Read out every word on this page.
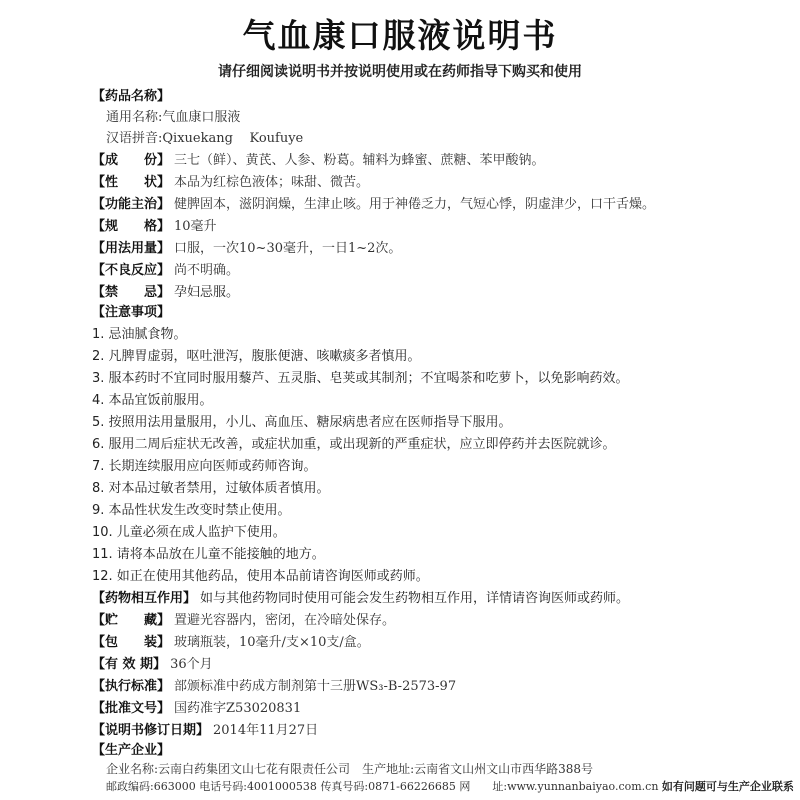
气血康口服液说明书
请仔细阅读说明书并按说明使用或在药师指导下购买和使用
【药品名称】
通用名称:气血康口服液
汉语拼音:Qixuekang    Koufuye
【成　　份】 三七（鲜）、黄芪、人参、粉葛。辅料为蜂蜜、蔗糖、苯甲酸钠。
【性　　状】 本品为红棕色液体；味甜、微苦。
【功能主治】 健脾固本，滋阴润燥，生津止咳。用于神倦乏力，气短心悸，阴虚津少，口干舌燥。
【规　　格】 10毫升
【用法用量】 口服，一次10~30毫升，一日1~2次。
【不良反应】 尚不明确。
【禁　　忌】 孕妇忌服。
【注意事项】
1. 忌油腻食物。
2. 凡脾胃虚弱，呕吐泄泻，腹胀便溏、咳嗽痰多者慎用。
3. 服本药时不宜同时服用藜芦、五灵脂、皂荚或其制剂；不宜喝茶和吃萝卜，以免影响药效。
4. 本品宜饭前服用。
5. 按照用法用量服用，小儿、高血压、糖尿病患者应在医师指导下服用。
6. 服用二周后症状无改善，或症状加重，或出现新的严重症状，应立即停药并去医院就诊。
7. 长期连续服用应向医师或药师咨询。
8. 对本品过敏者禁用，过敏体质者慎用。
9. 本品性状发生改变时禁止使用。
10. 儿童必须在成人监护下使用。
11. 请将本品放在儿童不能接触的地方。
12. 如正在使用其他药品，使用本品前请咨询医师或药师。
【药物相互作用】 如与其他药物同时使用可能会发生药物相互作用，详情请咨询医师或药师。
【贮　　藏】 置避光容器内，密闭，在冷暗处保存。
【包　　装】 玻璃瓶装，10毫升/支×10支/盒。
【有 效 期】 36个月
【执行标准】 部颁标准中药成方制剂第十三册WS₃-B-2573-97
【批准文号】 国药准字Z53020831
【说明书修订日期】 2014年11月27日
【生产企业】
企业名称:云南白药集团文山七花有限责任公司　 生产地址:云南省文山州文山市西华路388号
邮政编码:663000 电话号码:4001000538 传真号码:0871-66226685 网　　址:www.yunnanbaiyao.com.cn 如有问题可与生产企业联系
